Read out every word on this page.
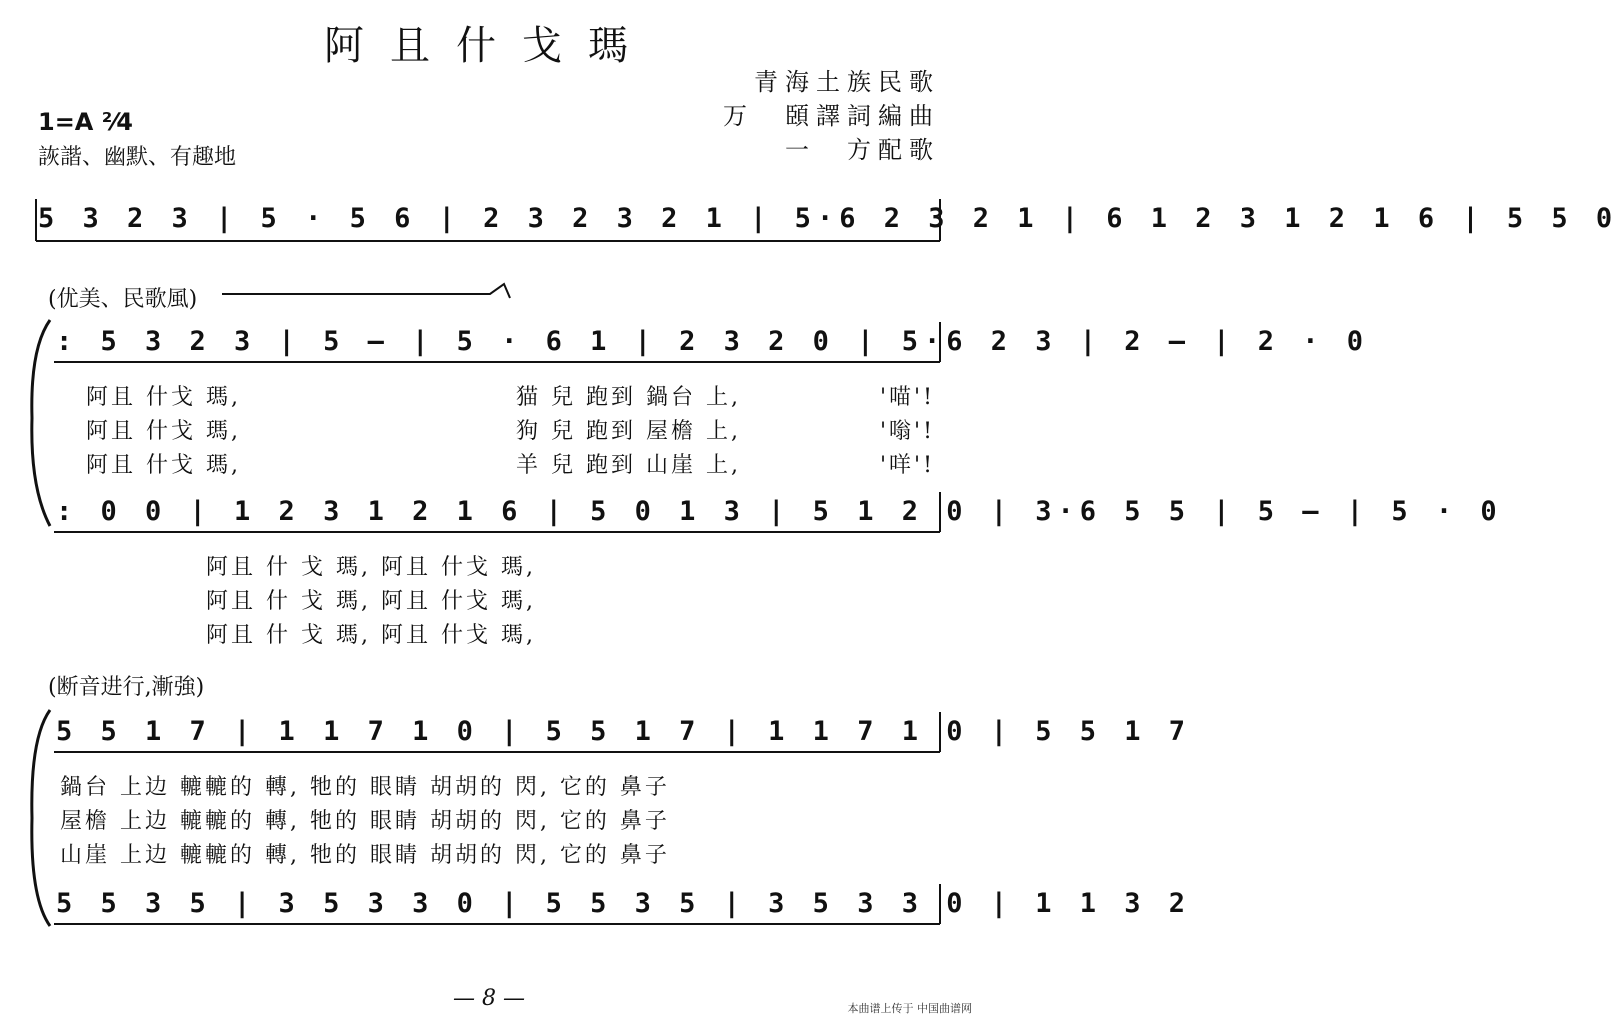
阿且什戈瑪
青海土族民歌
万　頣譯詞編曲
一　方配歌
1=A ²⁄4
詼諧、幽默、有趣地
5 3 2 3 | 5 · 5 6 | 2 3 2 3 2 1 | 5·6 2 3 2 1 | 6 1 2 3 1 2 1 6 | 5 5 0
(优美、民歌風)
: 5 3 2 3 | 5 — | 5 · 6 1 | 2 3 2 0 | 5·6 2 3 | 2 — | 2 · 0
阿且 什戈 瑪,	猫 兒 跑到 鍋台 上,	'喵'!
阿且 什戈 瑪,	狗 兒 跑到 屋檐 上,	'嗡'!
阿且 什戈 瑪,	羊 兒 跑到 山崖 上,	'咩'!
: 0 0 | 1 2 3 1 2 1 6 | 5 0 1 3 | 5 1 2 0 | 3·6 5 5 | 5 — | 5 · 0
阿且 什 戈 瑪, 阿且 什戈 瑪,
阿且 什 戈 瑪, 阿且 什戈 瑪,
阿且 什 戈 瑪, 阿且 什戈 瑪,
(断音进行,漸強)
5 5 1 7 | 1 1 7 1 0 | 5 5 1 7 | 1 1 7 1 0 | 5 5 1 7
鍋台 上边 轆轆的 轉, 牠的 眼睛 胡胡的 閃, 它的 鼻子
屋檐 上边 轆轆的 轉, 牠的 眼睛 胡胡的 閃, 它的 鼻子
山崖 上边 轆轆的 轉, 牠的 眼睛 胡胡的 閃, 它的 鼻子
5 5 3 5 | 3 5 3 3 0 | 5 5 3 5 | 3 5 3 3 0 | 1 1 3 2
— 8 —	本曲谱上传于 中国曲谱网
